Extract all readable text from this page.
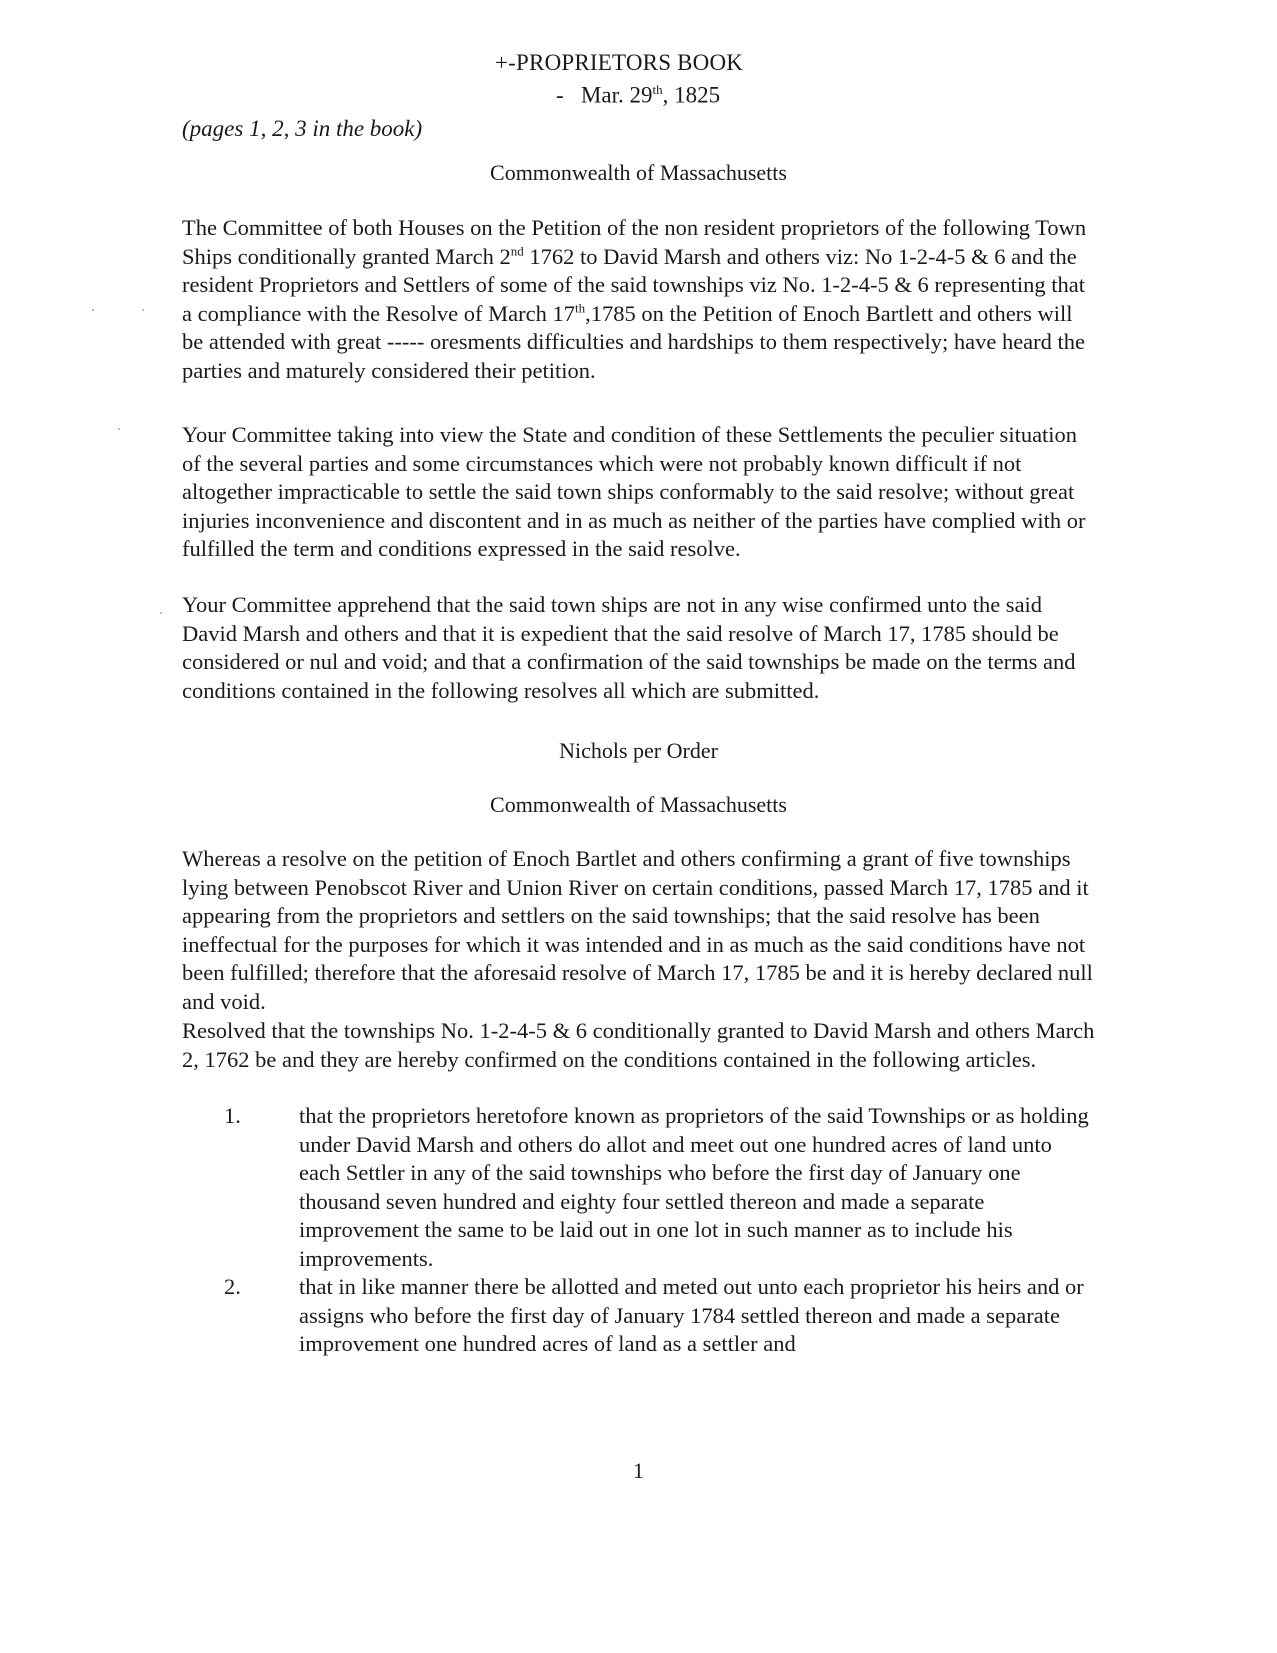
+-PROPRIETORS BOOK
- Mar. 29th, 1825
(pages 1, 2, 3 in the book)
Commonwealth of Massachusetts

The Committee of both Houses on the Petition of the non resident proprietors of the following Town Ships conditionally granted March 2nd 1762 to David Marsh and others viz: No 1-2-4-5 & 6 and the resident Proprietors and Settlers of some of the said townships viz No. 1-2-4-5 & 6 representing that a compliance with the Resolve of March 17th,1785 on the Petition of Enoch Bartlett and others will be attended with great ----- oresments difficulties and hardships to them respectively; have heard the parties and maturely considered their petition.

Your Committee taking into view the State and condition of these Settlements the peculier situation of the several parties and some circumstances which were not probably known difficult if not altogether impracticable to settle the said town ships conformably to the said resolve; without great injuries inconvenience and discontent and in as much as neither of the parties have complied with or fulfilled the term and conditions expressed in the said resolve.

Your Committee apprehend that the said town ships are not in any wise confirmed unto the said David Marsh and others and that it is expedient that the said resolve of March 17, 1785 should be considered or nul and void; and that a confirmation of the said townships be made on the terms and conditions contained in the following resolves all which are submitted.

Nichols per Order
Commonwealth of Massachusetts

Whereas a resolve on the petition of Enoch Bartlet and others confirming a grant of five townships lying between Penobscot River and Union River on certain conditions, passed March 17, 1785 and it appearing from the proprietors and settlers on the said townships; that the said resolve has been ineffectual for the purposes for which it was intended and in as much as the said conditions have not been fulfilled; therefore that the aforesaid resolve of March 17, 1785 be and it is hereby declared null and void.

Resolved that the townships No. 1-2-4-5 & 6 conditionally granted to David Marsh and others March 2, 1762 be and they are hereby confirmed on the conditions contained in the following articles.

1.	that the proprietors heretofore known as proprietors of the said Townships or as holding under David Marsh and others do allot and meet out one hundred acres of land unto each Settler in any of the said townships who before the first day of January one thousand seven hundred and eighty four settled thereon and made a separate improvement the same to be laid out in one lot in such manner as to include his improvements.
2.	that in like manner there be allotted and meted out unto each proprietor his heirs and or assigns who before the first day of January 1784 settled thereon and made a separate improvement one hundred acres of land as a settler and
1
